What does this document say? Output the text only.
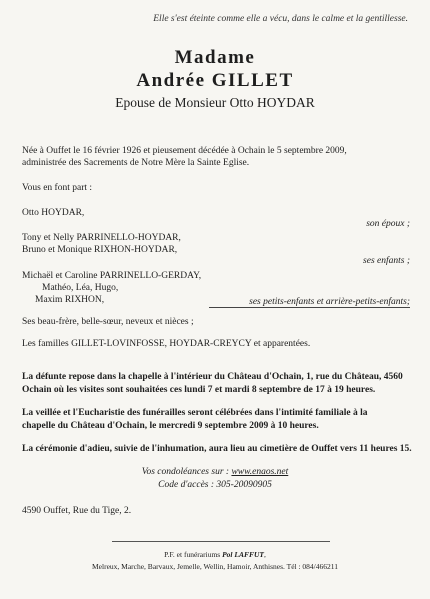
Elle s'est éteinte comme elle a vécu, dans le calme et la gentillesse.
Madame
Andrée GILLET
Epouse de Monsieur Otto HOYDAR
Née à Ouffet le 16 février 1926 et pieusement décédée à Ochain le 5 septembre 2009,
administrée des Sacrements de Notre Mère la Sainte Eglise.
Vous en font part :
Otto HOYDAR,
son époux ;
Tony et Nelly PARRINELLO-HOYDAR,
Bruno et Monique RIXHON-HOYDAR,
ses enfants ;
Michaël et Caroline PARRINELLO-GERDAY,
Mathéo, Léa, Hugo,
Maxim RIXHON,	ses petits-enfants et arrière-petits-enfants;
Ses beau-frère, belle-sœur, neveux et nièces ;
Les familles GILLET-LOVINFOSSE, HOYDAR-CREYCY et apparentées.
La défunte repose dans la chapelle à l'intérieur du Château d'Ochain, 1, rue du Château, 4560
Ochain où les visites sont souhaitées ces lundi 7 et mardi 8 septembre de 17 à 19 heures.
La veillée et l'Eucharistie des funérailles seront célébrées dans l'intimité familiale à la
chapelle du Château d'Ochain, le mercredi 9 septembre 2009 à 10 heures.
La cérémonie d'adieu, suivie de l'inhumation, aura lieu au cimetière de Ouffet vers 11 heures 15.
Vos condoléances sur : www.enaos.net
Code d'accès : 305-20090905
4590 Ouffet, Rue du Tige, 2.
P.F. et funérariums Pol LAFFUT,
Melreux, Marche, Barvaux, Jemelle, Wellin, Hamoir, Anthisnes. Tél : 084/466211
